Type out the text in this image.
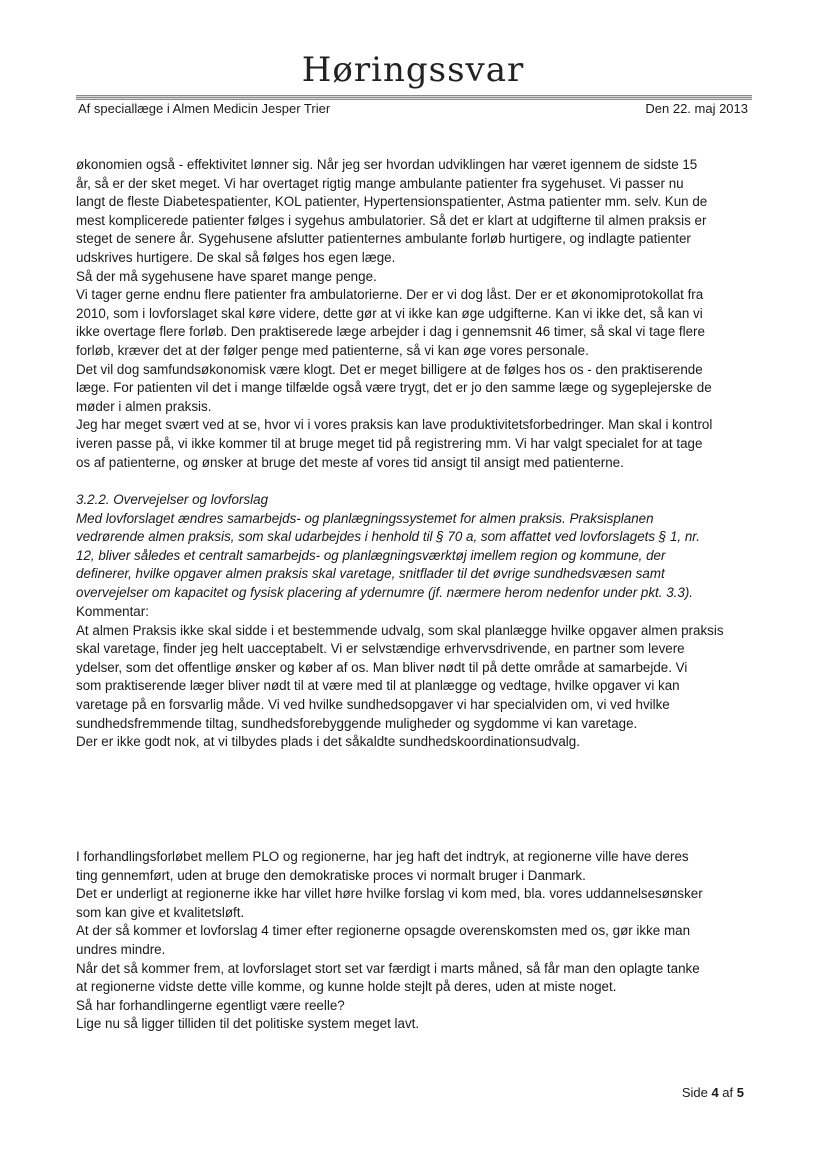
Høringssvar
Af speciallæge i Almen Medicin Jesper Trier	Den 22. maj 2013

økonomien også - effektivitet lønner sig. Når jeg ser hvordan udviklingen har været igennem de sidste 15

år, så er der sket meget. Vi har overtaget rigtig mange ambulante patienter fra sygehuset. Vi passer nu

langt de fleste Diabetespatienter, KOL patienter, Hypertensionspatienter, Astma patienter mm. selv. Kun de

mest komplicerede patienter følges i sygehus ambulatorier. Så det er klart at udgifterne til almen praksis er

steget de senere år. Sygehusene afslutter patienternes ambulante forløb hurtigere, og indlagte patienter

udskrives hurtigere. De skal så følges hos egen læge.

Så der må sygehusene have sparet mange penge.

Vi tager gerne endnu flere patienter fra ambulatorierne. Der er vi dog låst. Der er et økonomiprotokollat fra

2010, som i lovforslaget skal køre videre, dette gør at vi ikke kan øge udgifterne. Kan vi ikke det, så kan vi

ikke overtage flere forløb. Den praktiserede læge arbejder i dag i gennemsnit 46 timer, så skal vi tage flere

forløb, kræver det at der følger penge med patienterne, så vi kan øge vores personale.

Det vil dog samfundsøkonomisk være klogt. Det er meget billigere at de følges hos os - den praktiserende

læge. For patienten vil det i mange tilfælde også være trygt, det er jo den samme læge og sygeplejerske de

møder i almen praksis.

Jeg har meget svært ved at se, hvor vi i vores praksis kan lave produktivitetsforbedringer. Man skal i kontrol

iveren passe på, vi ikke kommer til at bruge meget tid på registrering mm. Vi har valgt specialet for at tage

os af patienterne, og ønsker at bruge det meste af vores tid ansigt til ansigt med patienterne.

3.2.2. Overvejelser og lovforslag

Med lovforslaget ændres samarbejds- og planlægningssystemet for almen praksis. Praksisplanen

vedrørende almen praksis, som skal udarbejdes i henhold til § 70 a, som affattet ved lovforslagets § 1, nr.

12, bliver således et centralt samarbejds- og planlægningsværktøj imellem region og kommune, der

definerer, hvilke opgaver almen praksis skal varetage, snitflader til det øvrige sundhedsvæsen samt

overvejelser om kapacitet og fysisk placering af ydernumre (jf. nærmere herom nedenfor under pkt. 3.3).

Kommentar:

At almen Praksis ikke skal sidde i et bestemmende udvalg, som skal planlægge hvilke opgaver almen praksis

skal varetage, finder jeg helt uacceptabelt. Vi er selvstændige erhvervsdrivende, en partner som levere

ydelser, som det offentlige ønsker og køber af os. Man bliver nødt til på dette område at samarbejde. Vi

som praktiserende læger bliver nødt til at være med til at planlægge og vedtage, hvilke opgaver vi kan

varetage på en forsvarlig måde. Vi ved hvilke sundhedsopgaver vi har specialviden om, vi ved hvilke

sundhedsfremmende tiltag, sundhedsforebyggende muligheder og sygdomme vi kan varetage.

Der er ikke godt nok, at vi tilbydes plads i det såkaldte sundhedskoordinationsudvalg.

I forhandlingsforløbet mellem PLO og regionerne, har jeg haft det indtryk, at regionerne ville have deres

ting gennemført, uden at bruge den demokratiske proces vi normalt bruger i Danmark.

Det er underligt at regionerne ikke har villet høre hvilke forslag vi kom med, bla. vores uddannelsesønsker

som kan give et kvalitetsløft.

At der så kommer et lovforslag 4 timer efter regionerne opsagde overenskomsten med os, gør ikke man

undres mindre.

Når det så kommer frem, at lovforslaget stort set var færdigt i marts måned, så får man den oplagte tanke

at regionerne vidste dette ville komme, og kunne holde stejlt på deres, uden at miste noget.

Så har forhandlingerne egentligt være reelle?

Lige nu så ligger tilliden til det politiske system meget lavt.

Side 4 af 5
